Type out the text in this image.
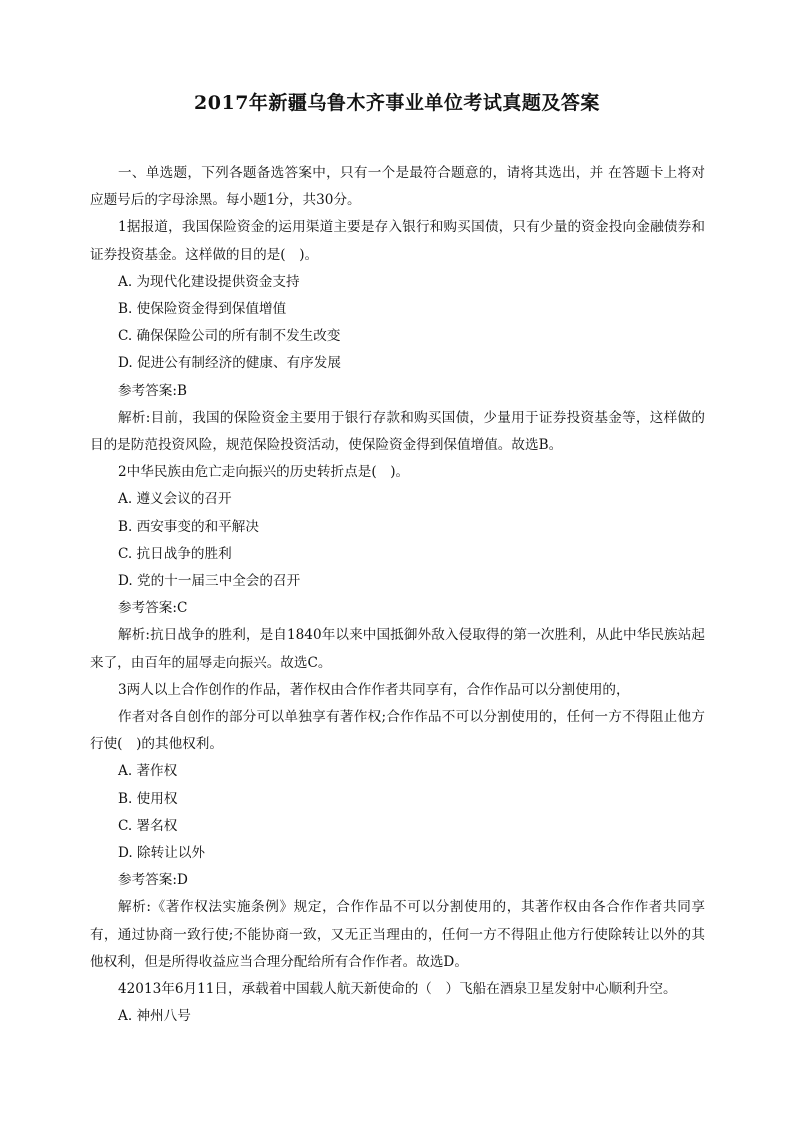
2017年新疆乌鲁木齐事业单位考试真题及答案

一、单选题，下列各题备选答案中，只有一个是最符合题意的，请将其选出，并 在答题卡上将对应题号后的字母涂黑。每小题1分，共30分。

1据报道，我国保险资金的运用渠道主要是存入银行和购买国债，只有少量的资金投向金融债券和证券投资基金。这样做的目的是(　)。

A. 为现代化建设提供资金支持

B. 使保险资金得到保值增值

C. 确保保险公司的所有制不发生改变

D. 促进公有制经济的健康、有序发展

参考答案:B

解析:目前，我国的保险资金主要用于银行存款和购买国债，少量用于证券投资基金等，这样做的目的是防范投资风险，规范保险投资活动，使保险资金得到保值增值。故选B。

2中华民族由危亡走向振兴的历史转折点是(　)。

A. 遵义会议的召开

B. 西安事变的和平解决

C. 抗日战争的胜利

D. 党的十一届三中全会的召开

参考答案:C

解析:抗日战争的胜利，是自1840年以来中国抵御外敌入侵取得的第一次胜利，从此中华民族站起来了，由百年的屈辱走向振兴。故选C。

3两人以上合作创作的作品，著作权由合作作者共同享有，合作作品可以分割使用的，

作者对各自创作的部分可以单独享有著作权;合作作品不可以分割使用的，任何一方不得阻止他方行使(　)的其他权利。

A. 著作权

B. 使用权

C. 署名权

D. 除转让以外

参考答案:D

解析:《著作权法实施条例》规定，合作作品不可以分割使用的，其著作权由各合作作者共同享有，通过协商一致行使;不能协商一致，又无正当理由的，任何一方不得阻止他方行使除转让以外的其他权利，但是所得收益应当合理分配给所有合作作者。故选D。

42013年6月11日，承载着中国载人航天新使命的（　）飞船在酒泉卫星发射中心顺利升空。

A. 神州八号
